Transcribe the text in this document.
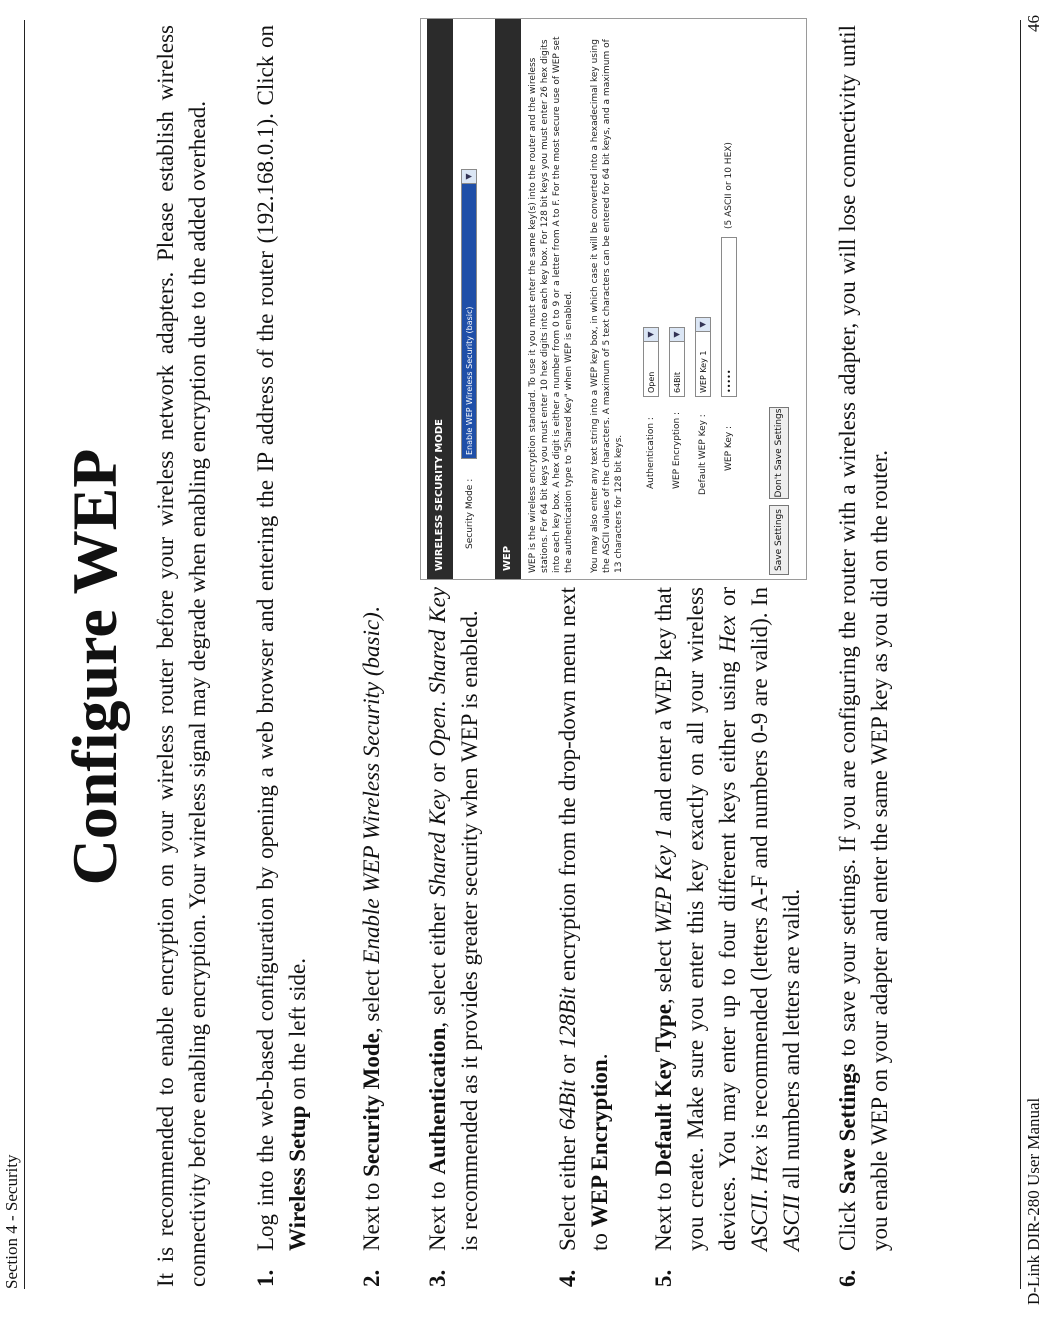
Section 4 - Security
Configure WEP It is recommended to enable encryption on your wireless router before your wireless network adapters. Please establish wireless connectivity before enabling encryption. Your wireless signal may degrade when enabling encryption due to the added overhead. 1.
Log into the web-based configuration by opening a web browser and entering the IP address of the router (192.168.0.1). Click on Wireless Setup on the left side.
2.
Next to Security Mode, select Enable WEP Wireless Security (basic).
3.
Next to Authentication, select either Shared Key or Open. Shared Key is recommended as it provides greater security when WEP is enabled.
4.
Select either 64Bit or 128Bit encryption from the drop-down menu next to WEP Encryption.
5.
Next to Default Key Type, select WEP Key 1 and enter a WEP key that you create. Make sure you enter this key exactly on all your wireless devices. You may enter up to four different keys either using Hex or ASCII. Hex is recommended (letters A-F and numbers 0-9 are valid). In ASCII all numbers and letters are valid.
6.
Click Save Settings to save your settings. If you are configuring the router with a wireless adapter, you will lose connectivity until you enable WEP on your adapter and enter the same WEP key as you did on the router.
WIRELESS SECURITY MODE	Security Mode :
Enable WEP Wireless Security (basic)
▼
WEP	WEP is the wireless encryption standard. To use it you must enter the same key(s) into the router and the wireless stations. For 64 bit keys you must enter 10 hex digits into each key box. For 128 bit keys you must enter 26 hex digits into each key box. A hex digit is either a number from 0 to 9 or a letter from A to F. For the most secure use of WEP set the authentication type to "Shared Key" when WEP is enabled. You may also enter any text string into a WEP key box, in which case it will be converted into a hexadecimal key using the ASCII values of the characters. A maximum of 5 text characters can be entered for 64 bit keys, and a maximum of 13 characters for 128 bit keys. Authentication :
Open
▼
WEP Encryption :
64Bit
▼
Default WEP Key :
WEP Key 1
▼
WEP Key :
•••••
(5 ASCII or 10 HEX)
Save Settings
Don't Save Settings
D-Link DIR-280 User Manual
46
